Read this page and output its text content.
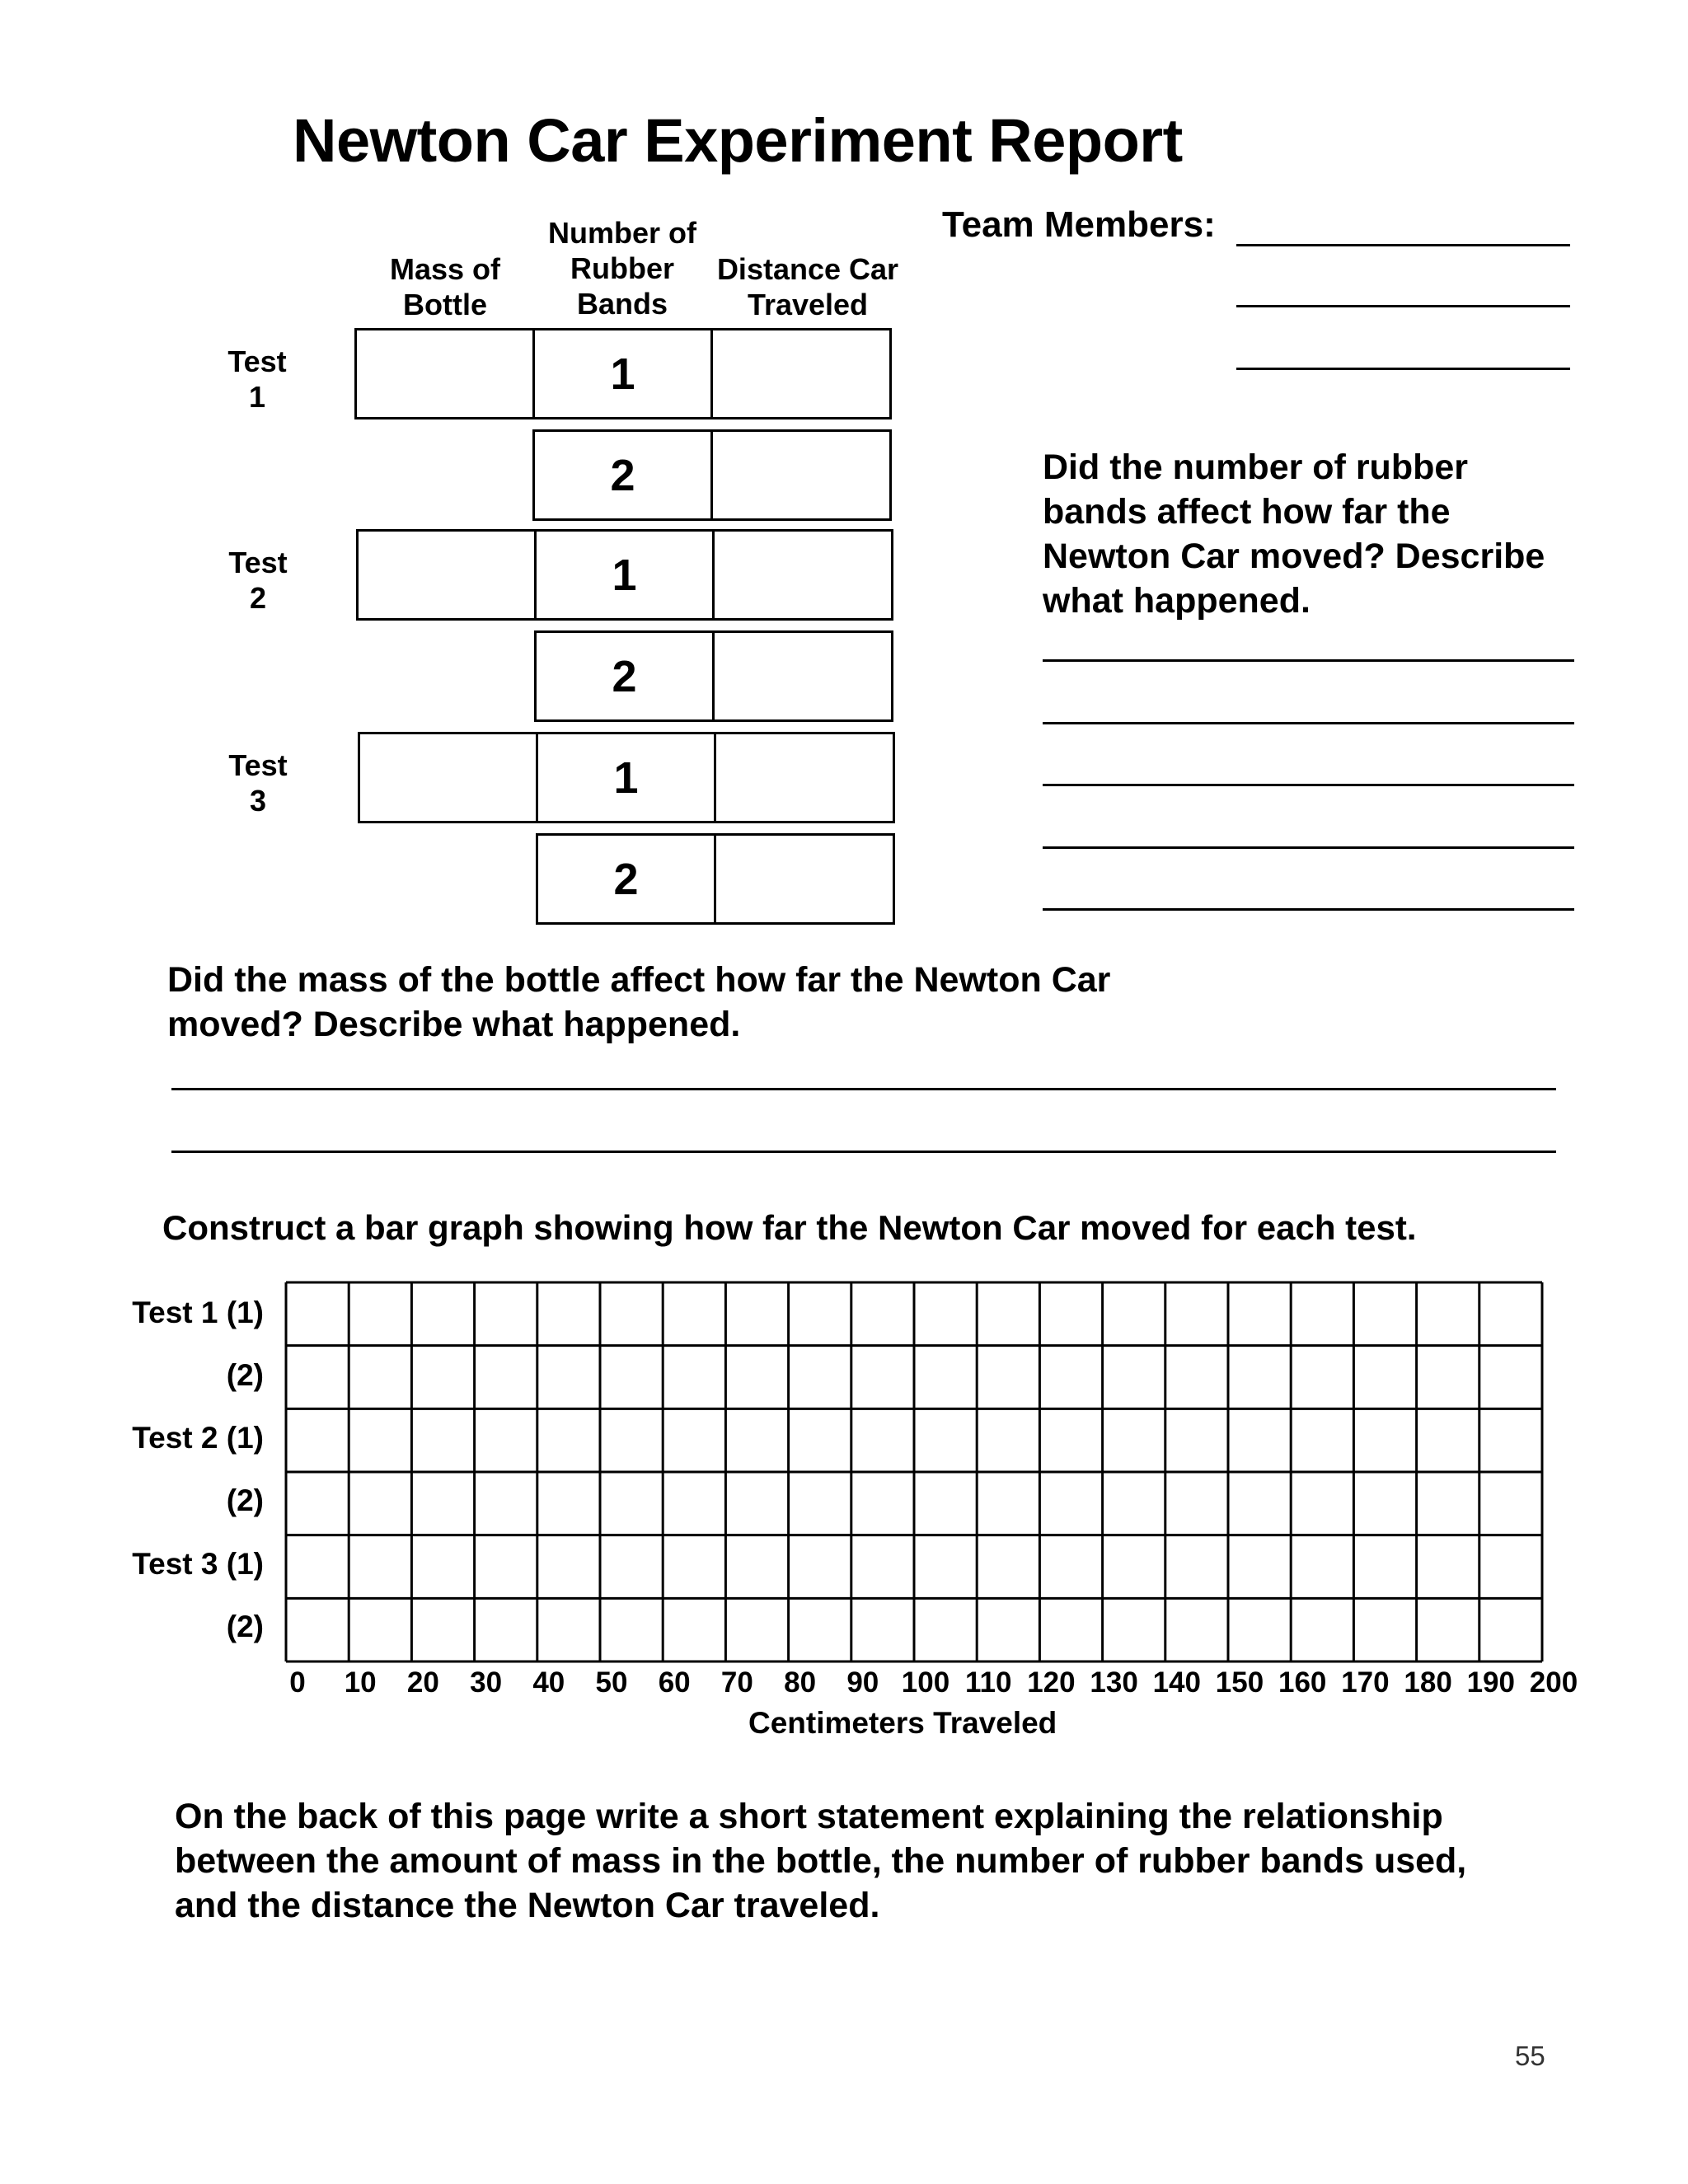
Newton Car Experiment Report
Mass of
Bottle
Number of
Rubber
Bands
Distance Car
Traveled
Test
1
Test
2
Test
3
1
2
1
2
1
2
Team Members:
Did the number of rubber
bands affect how far the
Newton Car moved? Describe
what happened.
Did the mass of the bottle affect how far the Newton Car
moved? Describe what happened.
Construct a bar graph showing how far the Newton Car moved for each test.
Test 1 (1)
(2)
Test 2 (1)
(2)
Test 3 (1)
(2)
0 10 20 30 40 50 60 70 80 90 100 110 120 130 140 150 160 170 180 190 200
Centimeters Traveled
On the back of this page write a short statement explaining the relationship
between the amount of mass in the bottle, the number of rubber bands used,
and the distance the Newton Car traveled.
55
